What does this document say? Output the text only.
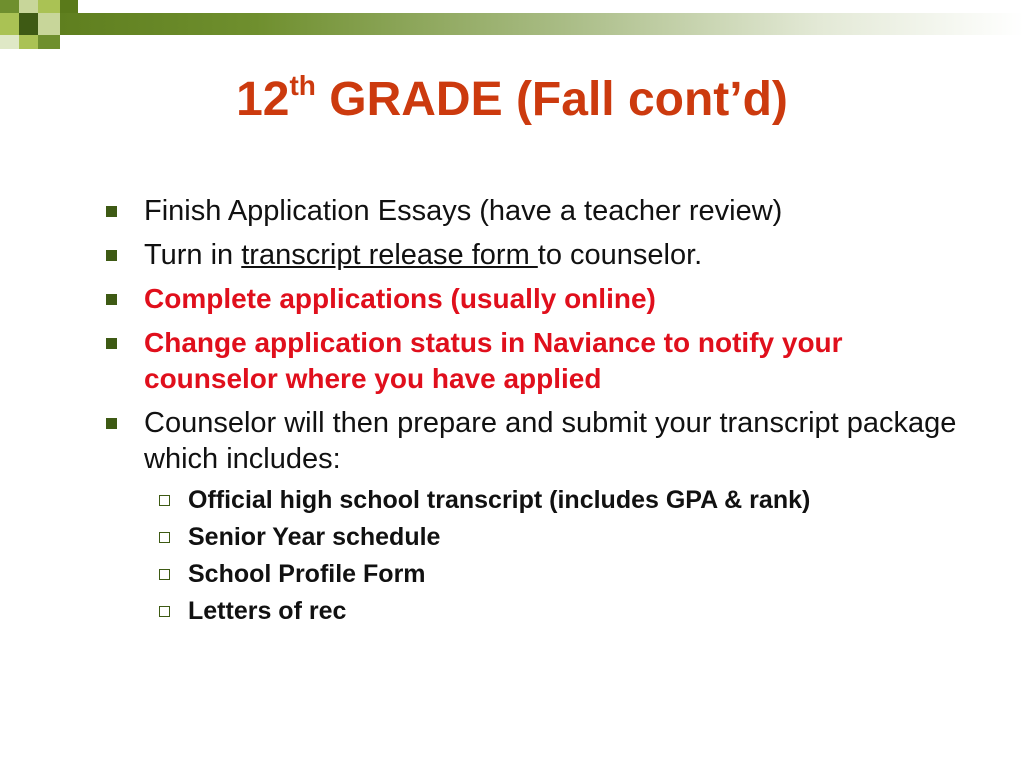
12th GRADE (Fall cont’d)
Finish Application Essays (have a teacher review)
Turn in transcript release form to counselor.
Complete applications (usually online)
Change application status in Naviance to notify your counselor where you have applied
Counselor will then prepare and submit your transcript package which includes:
Official high school transcript (includes GPA & rank)
Senior Year schedule
School Profile Form
Letters of rec
